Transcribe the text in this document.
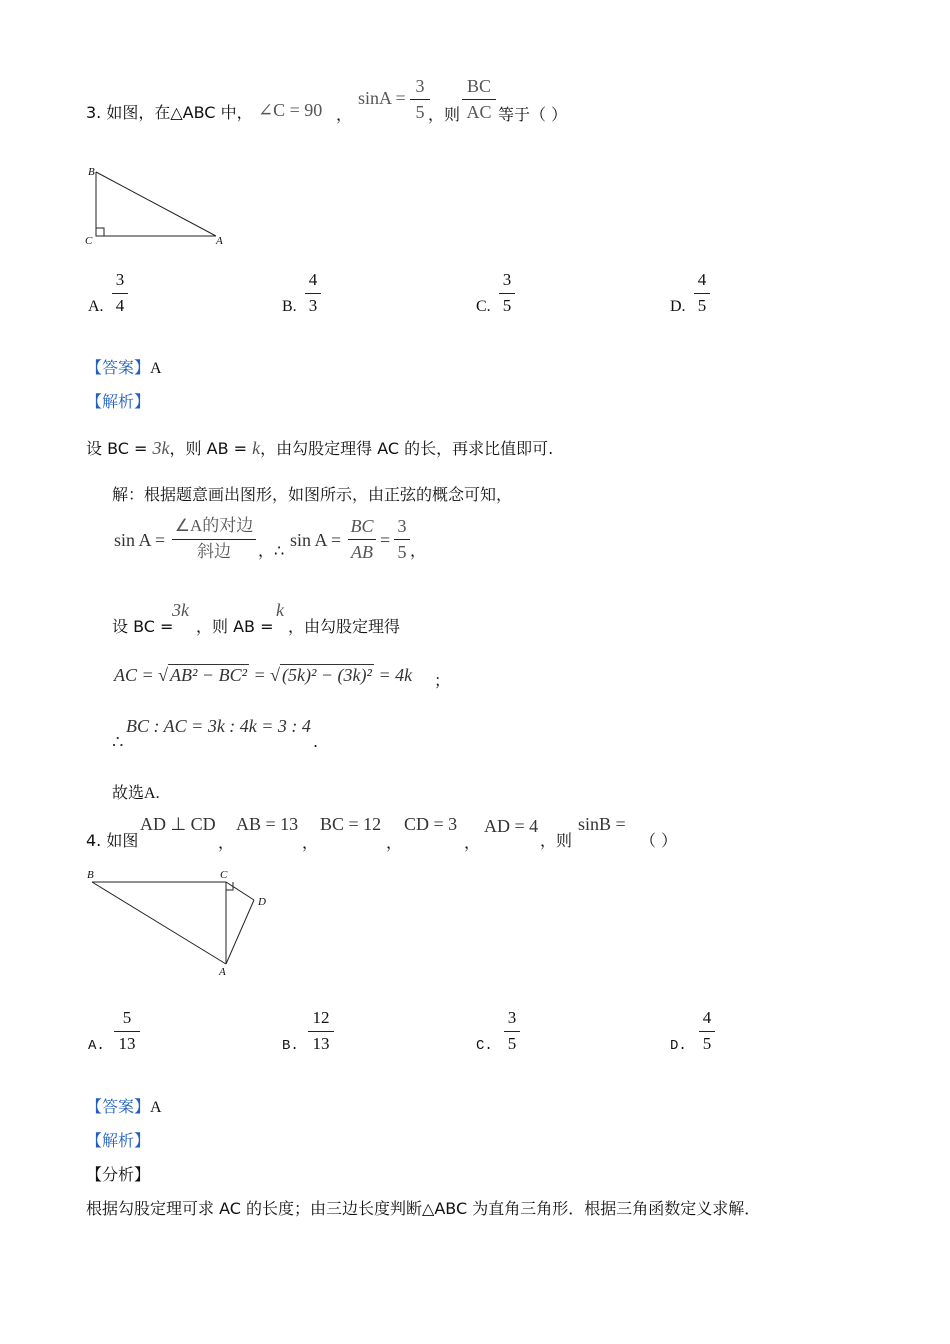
3. 如图，在△ABC 中， ∠C = 90 ，
sinA =
3
5 ，则
BC
AC 等于（ ）
B
C	A
A.
3
4	B.
4
3	C.
3
5	D.
4
5
【答案】A
【解析】
设 BC = 3k，则 AB = k，由勾股定理得 AC 的长，再求比值即可.
解：根据题意画出图形，如图所示，由正弦的概念可知，
sin A =
∠A的对边
斜边	，∴
sin A =
BC
AB
=
3
5 ，
设 BC =
3k
，则 AB =
k
，由勾股定理得
AC = √ AB² − BC² = √ (5k)² − (3k)² = 4k ；
∴
BC : AC = 3k : 4k = 3 : 4
.
故选A.
4. 如图
AD ⊥ CD
，
AB = 13
，
BC = 12
，
CD = 3
，
AD = 4
，则
sinB =
（ ）
B	C
D
A
A.
5
13	B.
12
13	C.
3
5	D.
4
5
【答案】A
【解析】
【分析】
根据勾股定理可求 AC 的长度；由三边长度判断△ABC 为直角三角形．根据三角函数定义求解．
